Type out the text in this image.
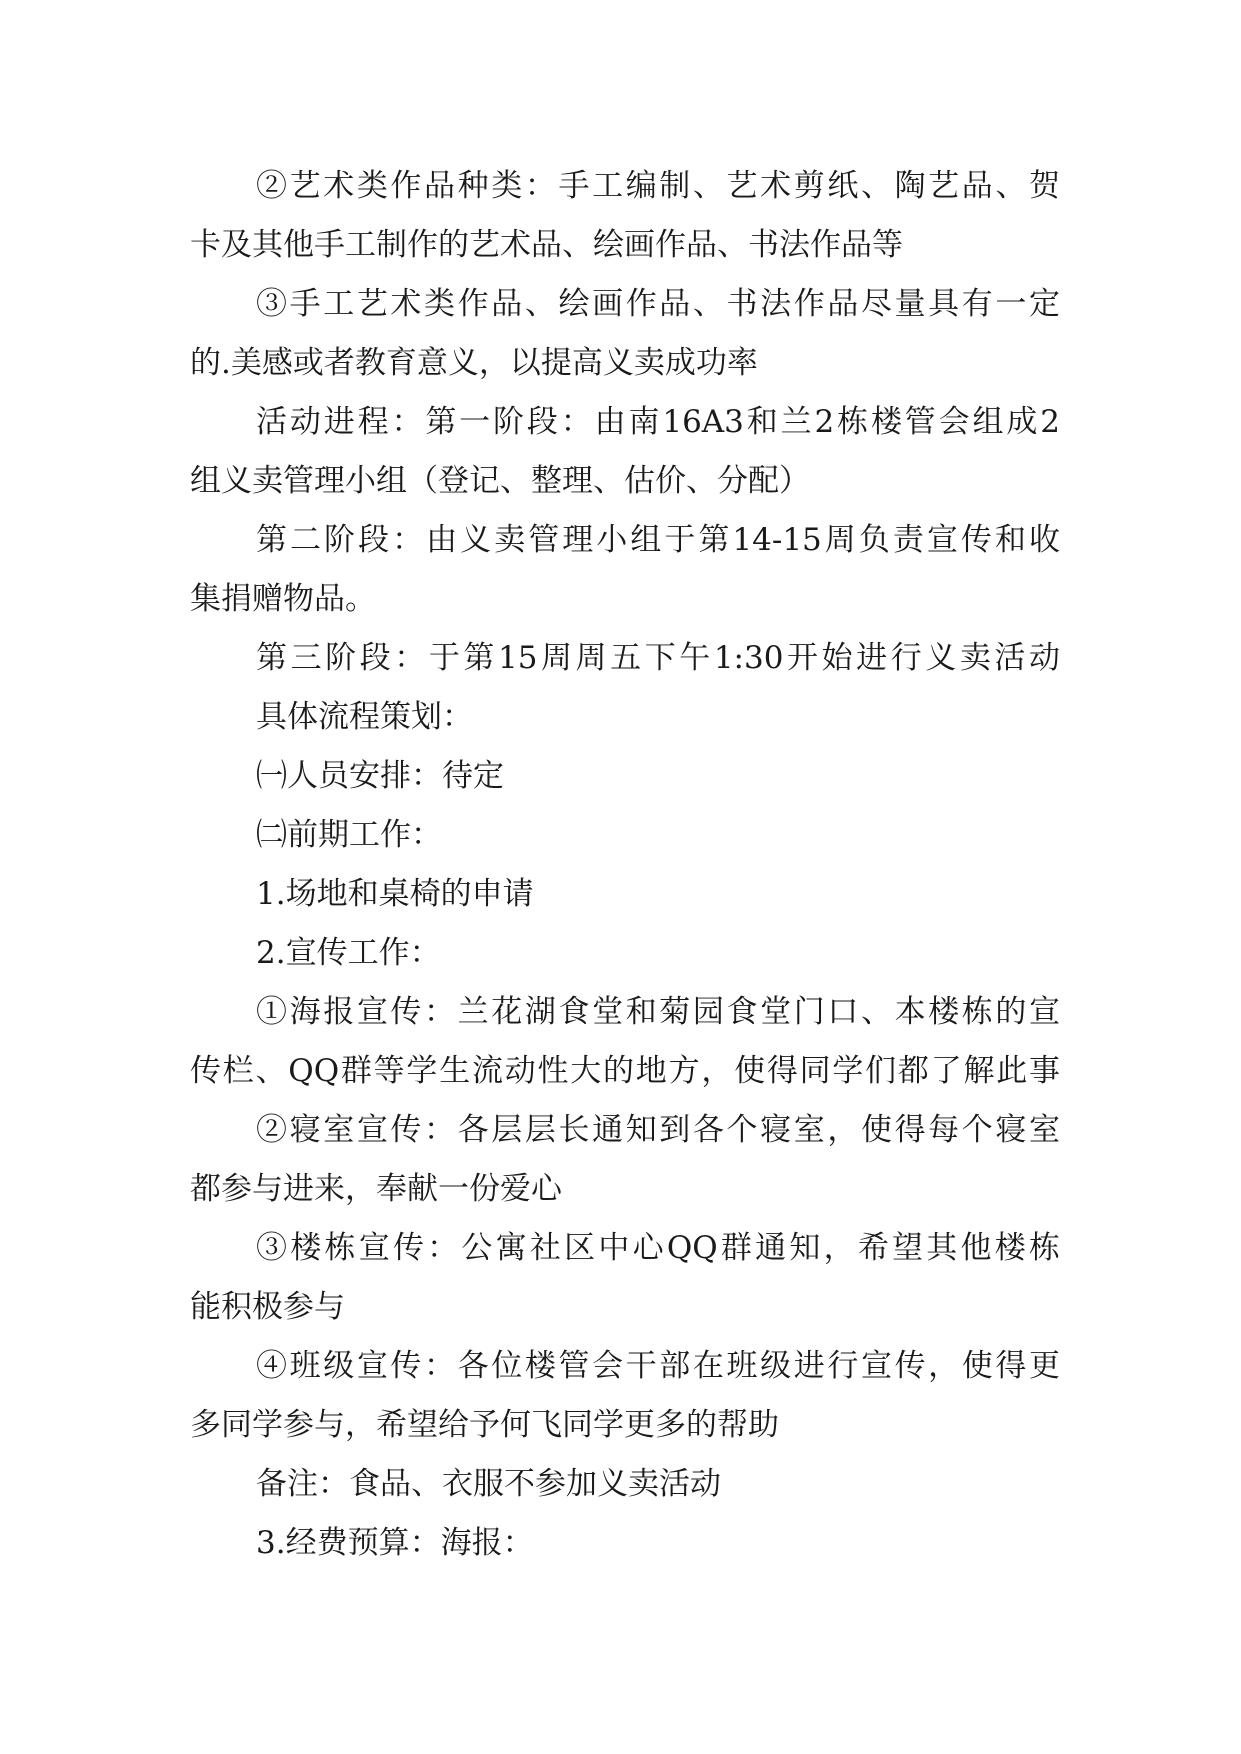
②艺术类作品种类：手工编制、艺术剪纸、陶艺品、贺
卡及其他手工制作的艺术品、绘画作品、书法作品等
③手工艺术类作品、绘画作品、书法作品尽量具有一定
的.美感或者教育意义，以提高义卖成功率
活动进程：第一阶段：由南16A3和兰2栋楼管会组成2
组义卖管理小组（登记、整理、估价、分配）
第二阶段：由义卖管理小组于第14-15周负责宣传和收
集捐赠物品。
第三阶段：于第15周周五下午1:30开始进行义卖活动
具体流程策划：
㈠人员安排：待定
㈡前期工作：
1.场地和桌椅的申请
2.宣传工作：
①海报宣传：兰花湖食堂和菊园食堂门口、本楼栋的宣
传栏、QQ群等学生流动性大的地方，使得同学们都了解此事
②寝室宣传：各层层长通知到各个寝室，使得每个寝室
都参与进来，奉献一份爱心
③楼栋宣传：公寓社区中心QQ群通知，希望其他楼栋
能积极参与
④班级宣传：各位楼管会干部在班级进行宣传，使得更
多同学参与，希望给予何飞同学更多的帮助
备注：食品、衣服不参加义卖活动
3.经费预算：海报：
